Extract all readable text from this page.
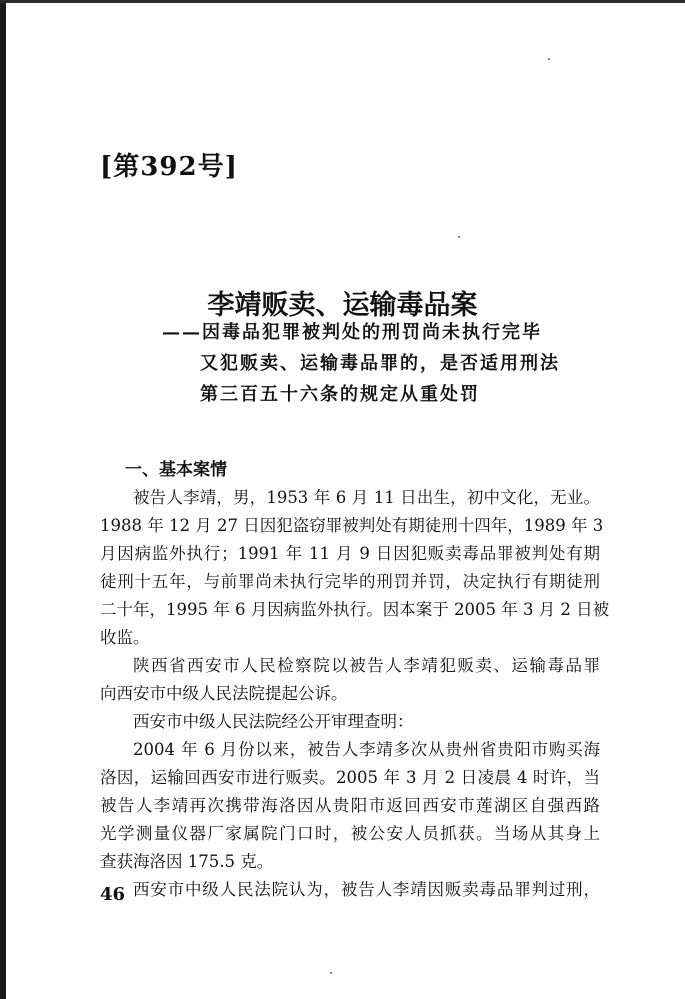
[第392号]
李靖贩卖、运输毒品案
——因毒品犯罪被判处的刑罚尚未执行完毕
又犯贩卖、运输毒品罪的，是否适用刑法
第三百五十六条的规定从重处罚
一、基本案情
被告人李靖，男，1953 年 6 月 11 日出生，初中文化，无业。
1988 年 12 月 27 日因犯盗窃罪被判处有期徒刑十四年，1989 年 3
月因病监外执行；1991 年 11 月 9 日因犯贩卖毒品罪被判处有期
徒刑十五年，与前罪尚未执行完毕的刑罚并罚，决定执行有期徒刑
二十年，1995 年 6 月因病监外执行。因本案于 2005 年 3 月 2 日被
收监。
陕西省西安市人民检察院以被告人李靖犯贩卖、运输毒品罪
向西安市中级人民法院提起公诉。
西安市中级人民法院经公开审理查明：
2004 年 6 月份以来，被告人李靖多次从贵州省贵阳市购买海
洛因，运输回西安市进行贩卖。2005 年 3 月 2 日凌晨 4 时许，当
被告人李靖再次携带海洛因从贵阳市返回西安市莲湖区自强西路
光学测量仪器厂家属院门口时，被公安人员抓获。当场从其身上
查获海洛因 175.5 克。
西安市中级人民法院认为，被告人李靖因贩卖毒品罪判过刑，
46
